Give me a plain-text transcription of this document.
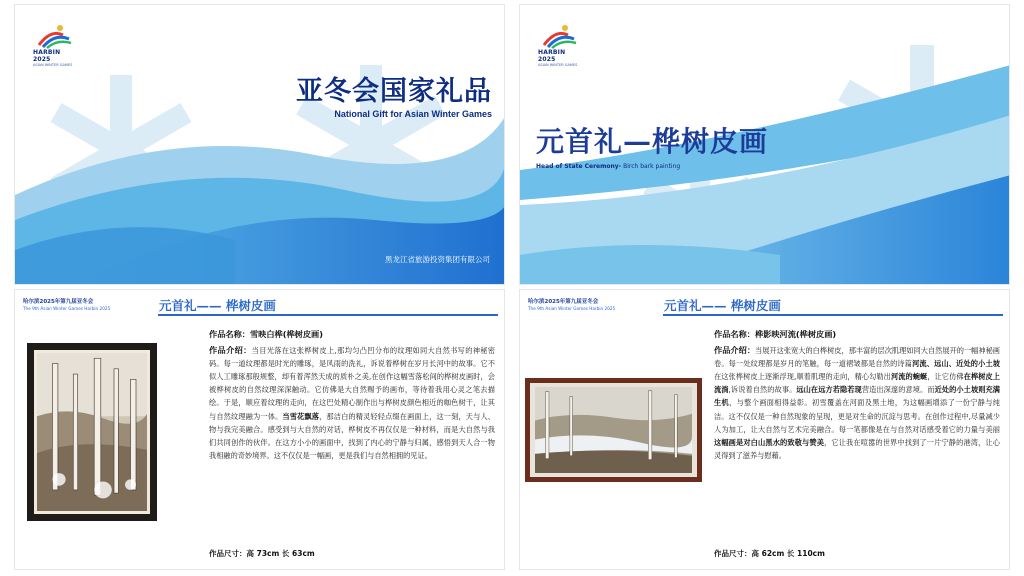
HARBIN 2025
ASIAN WINTER GAMES
亚冬会国家礼品
National Gift for Asian Winter Games
黑龙江省旅游投资集团有限公司
HARBIN 2025
ASIAN WINTER GAMES
元首礼—桦树皮画
Head of State Ceremony- Birch bark painting
哈尔滨2025年第九届亚冬会
The 9th Asian Winter Games Harbin 2025	元首礼—— 桦树皮画
作品名称：雪映白桦(桦树皮画)
作品介绍：当目光落在这张桦树皮上,那均匀凸凹分布的纹理如同大自然书写的神秘密码。每一道纹理都是时光的雕琢，是风雨的洗礼，诉说着桦树在岁月长河中的故事。它不似人工雕琢那般规整，却有着浑然天成的质朴之美,在创作这幅雪落松间的桦树皮画时，会被桦树皮的自然纹理深深触动。它仿佛是大自然赐予的画布，等待着我用心灵之笔去描绘。于是，顺应着纹理的走向，在这巴处精心制作出与桦树皮颜色相近的咖色树干，让其与自然纹理融为一体。当雪花飘落，那洁白的精灵轻轻点缀在画面上，这一刻，天与人、物与我完美融合。感受到与大自然的对话，桦树皮不再仅仅是一种材料，而是大自然与我们共同创作的伙伴。在这方小小的画面中，找到了内心的宁静与归属，感悟到天人合一物我相融的奇妙境界。这不仅仅是一幅画，更是我们与自然相拥的见证。
作品尺寸：高 73cm 长 63cm
哈尔滨2025年第九届亚冬会
The 9th Asian Winter Games Harbin 2025	元首礼—— 桦树皮画
作品名称：桦影映河流(桦树皮画)
作品介绍：当展开这张宽大的白桦树皮，那丰富的层次肌理如同大自然展开的一幅神秘画卷。每一处纹理都是岁月的笔触，每一道褶皱都是自然的诗篇河流、远山、近处的小土坡在这张桦树皮上逐渐浮现,顺着肌理的走向，精心勾勒出河流的蜿蜒，让它仿佛在桦树皮上流淌,诉说着自然的故事。远山在远方若隐若现营造出深邃的意境。而近处的小土坡则充满生机，与整个画面相得益彰。初雪覆盖在河面及黑土地，为这幅画增添了一份宁静与纯洁。这不仅仅是一种自然现象的呈现，更是对生命的沉淀与思考。在创作过程中,尽量减少人为加工，让大自然与艺术完美融合。每一笔都像是在与自然对话感受着它的力量与美丽这幅画是对白山黑水的致敬与赞美，它让我在喧嚣的世界中找到了一片宁静的港湾，让心灵得到了滋养与慰藉。
作品尺寸：高 62cm 长 110cm
